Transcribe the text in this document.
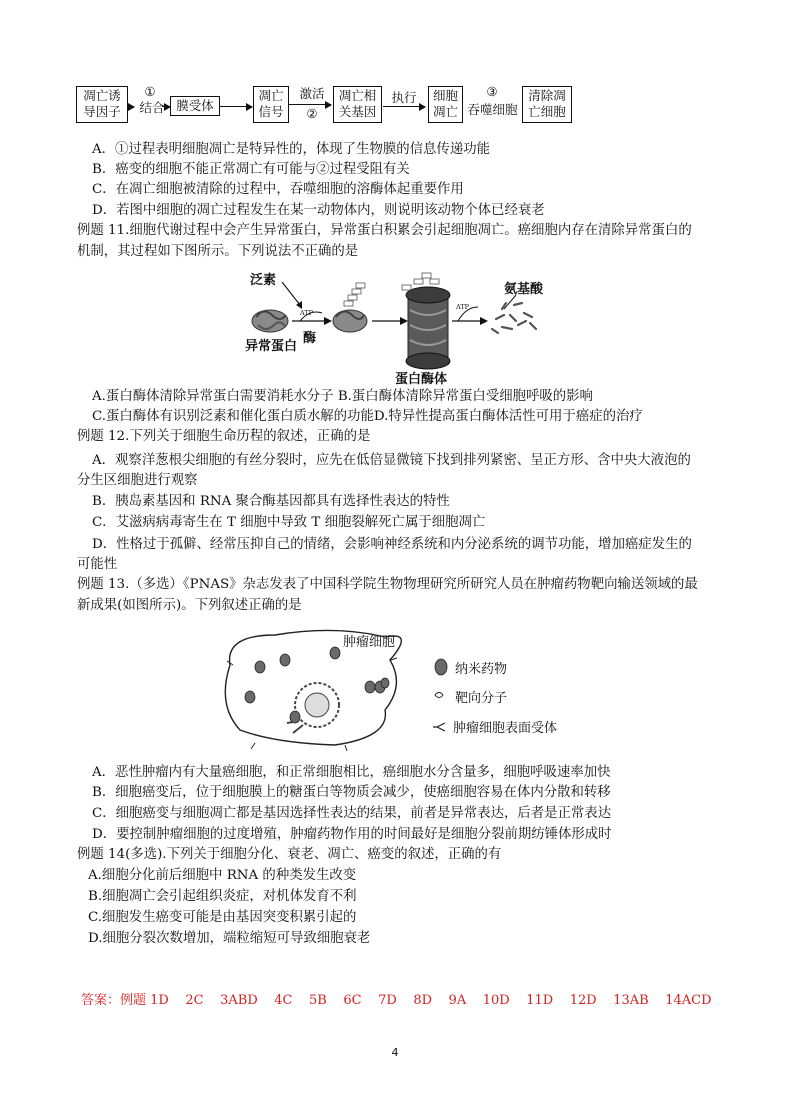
凋亡诱
导因子
①
结合 膜受体
凋亡
信号
激活
②
凋亡相
关基因
执行	细胞
凋亡
③
吞噬细胞
清除凋
亡细胞
A．①过程表明细胞凋亡是特异性的，体现了生物膜的信息传递功能
B．癌变的细胞不能正常凋亡有可能与②过程受阻有关
C．在凋亡细胞被清除的过程中，吞噬细胞的溶酶体起重要作用
D．若图中细胞的凋亡过程发生在某一动物体内，则说明该动物个体已经衰老
例题 11.细胞代谢过程中会产生异常蛋白，异常蛋白积累会引起细胞凋亡。癌细胞内存在清除异常蛋白的
机制，其过程如下图所示。下列说法不正确的是
泛素
ATP
酶
异常蛋白
ATP
氨基酸
蛋白酶体
A.蛋白酶体清除异常蛋白需要消耗水分子 B.蛋白酶体清除异常蛋白受细胞呼吸的影响
C.蛋白酶体有识别泛素和催化蛋白质水解的功能D.特异性提高蛋白酶体活性可用于癌症的治疗
例题 12.下列关于细胞生命历程的叙述，正确的是
A．观察洋葱根尖细胞的有丝分裂时，应先在低倍显微镜下找到排列紧密、呈正方形、含中央大液泡的
分生区细胞进行观察
B．胰岛素基因和 RNA 聚合酶基因都具有选择性表达的特性
C．艾滋病病毒寄生在 T 细胞中导致 T 细胞裂解死亡属于细胞凋亡
D．性格过于孤僻、经常压抑自己的情绪，会影响神经系统和内分泌系统的调节功能，增加癌症发生的
可能性
例题 13.（多选）《PNAS》杂志发表了中国科学院生物物理研究所研究人员在肿瘤药物靶向输送领域的最
新成果(如图所示)。下列叙述正确的是
肿瘤细胞
纳米药物
靶向分子
肿瘤细胞表面受体
A．恶性肿瘤内有大量癌细胞，和正常细胞相比，癌细胞水分含量多，细胞呼吸速率加快
B．细胞癌变后，位于细胞膜上的糖蛋白等物质会减少，使癌细胞容易在体内分散和转移
C．细胞癌变与细胞凋亡都是基因选择性表达的结果，前者是异常表达，后者是正常表达
D．要控制肿瘤细胞的过度增殖，肿瘤药物作用的时间最好是细胞分裂前期纺锤体形成时
例题 14(多选).下列关于细胞分化、衰老、凋亡、癌变的叙述，正确的有
A.细胞分化前后细胞中 RNA 的种类发生改变
B.细胞凋亡会引起组织炎症，对机体发育不利
C.细胞发生癌变可能是由基因突变积累引起的
D.细胞分裂次数增加，端粒缩短可导致细胞衰老
答案：例题 1D    2C    3ABD    4C    5B    6C    7D    8D    9A    10D    11D    12D    13AB    14ACD
4
